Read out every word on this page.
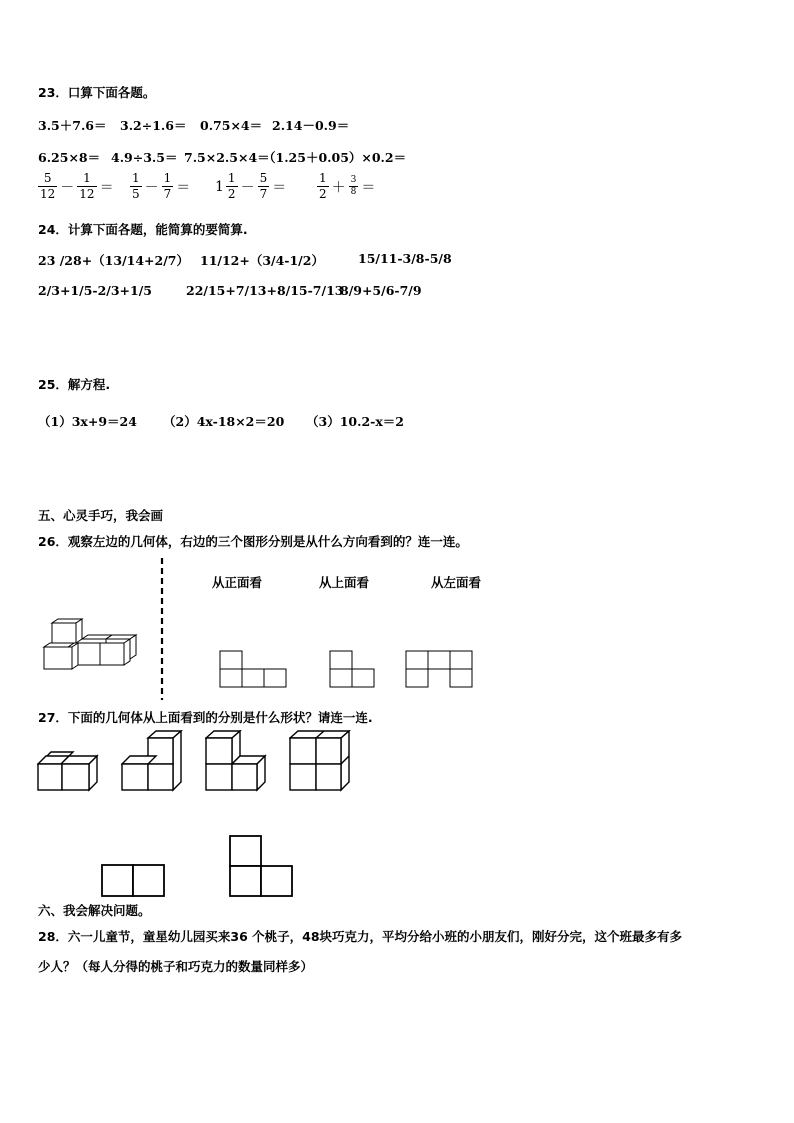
23．口算下面各题。
3.5＋7.6＝ 3.2÷1.6＝ 0.75×4＝ 2.14－0.9＝
6.25×8＝ 4.9÷3.5＝ 7.5×2.5×4＝
（1.25＋0.05）×0.2＝
$\frac{5}{12} - \frac{1}{12} = \frac{1}{5} - \frac{1}{7} = 1 \frac{1}{2} - \frac{5}{7}$ ＝	$\frac{1}{2} + \frac{3}{8}$ ＝
24．计算下面各题，能简算的要简算.
23 /28+（13/14+2/7） 11/12+（3/4-1/2）	15/11-3/8-5/8
2/3+1/5-2/3+1/5	22/15+7/13+8/15-7/13
8/9+5/6-7/9
25．解方程.
（1）3x+9＝24 （2）4x-18×2＝20 （3）10.2-x＝2
五、心灵手巧，我会画
26．观察左边的几何体，右边的三个图形分别是从什么方向看到的？连一连。
从正面看	从上面看	从左面看
27．下面的几何体从上面看到的分别是什么形状？请连一连.
六、我会解决问题。
28．六一儿童节，童星幼儿园买来36 个桃子，48块巧克力，平均分给小班的小朋友们，刚好分完，这个班最多有多
少人？（每人分得的桃子和巧克力的数量同样多）
